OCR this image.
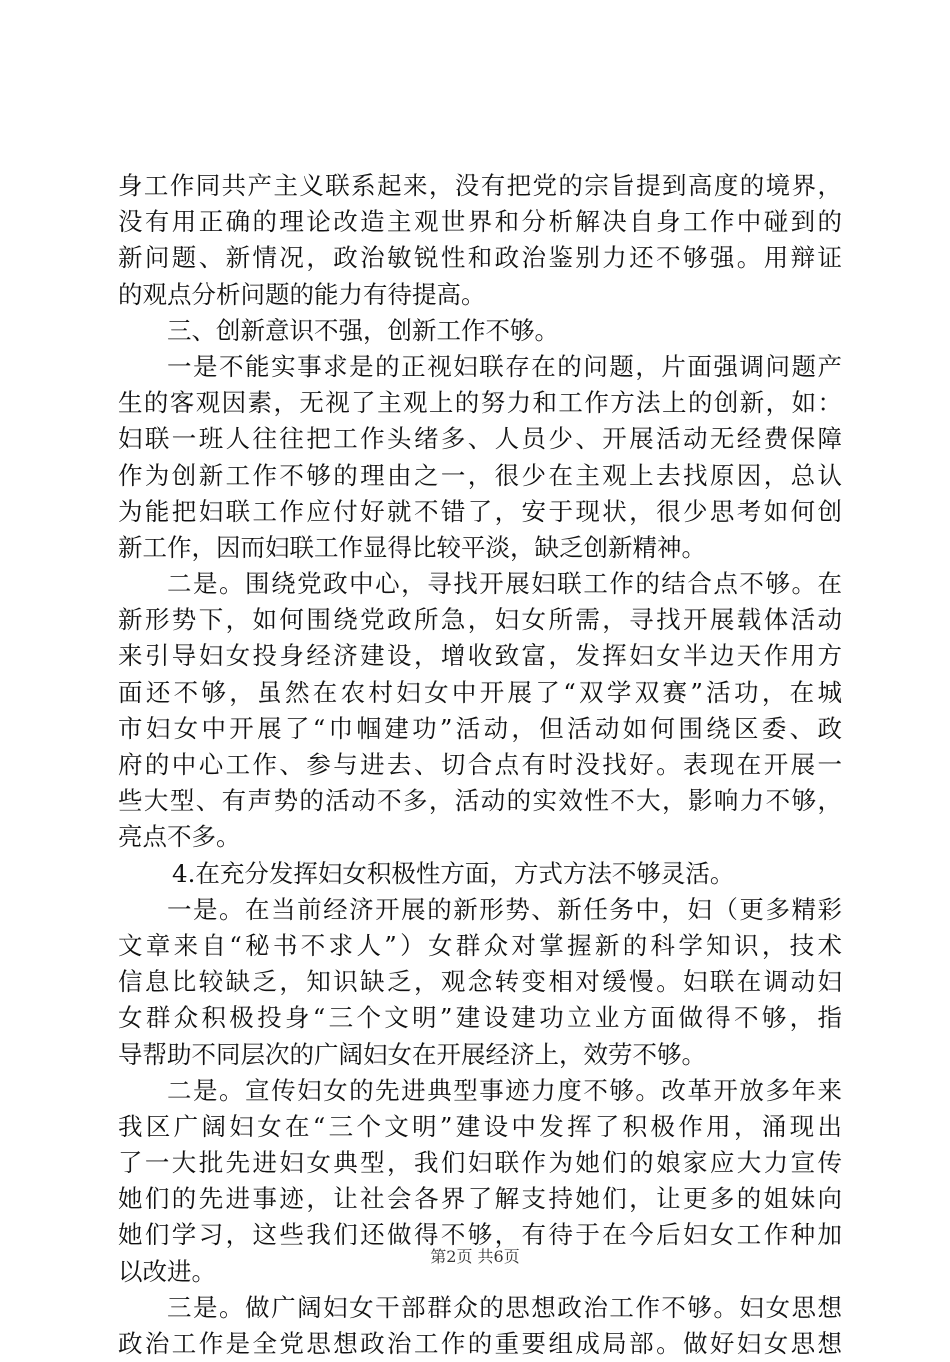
身工作同共产主义联系起来，没有把党的宗旨提到高度的境界，
没有用正确的理论改造主观世界和分析解决自身工作中碰到的
新问题、新情况，政治敏锐性和政治鉴别力还不够强。用辩证
的观点分析问题的能力有待提高。
三、创新意识不强，创新工作不够。
一是不能实事求是的正视妇联存在的问题，片面强调问题产
生的客观因素，无视了主观上的努力和工作方法上的创新，如：
妇联一班人往往把工作头绪多、人员少、开展活动无经费保障
作为创新工作不够的理由之一，很少在主观上去找原因，总认
为能把妇联工作应付好就不错了，安于现状，很少思考如何创
新工作，因而妇联工作显得比较平淡，缺乏创新精神。
二是。围绕党政中心，寻找开展妇联工作的结合点不够。在
新形势下，如何围绕党政所急，妇女所需，寻找开展载体活动
来引导妇女投身经济建设，增收致富，发挥妇女半边天作用方
面还不够，虽然在农村妇女中开展了“双学双赛”活功，在城
市妇女中开展了“巾帼建功”活动，但活动如何围绕区委、政
府的中心工作、参与进去、切合点有时没找好。表现在开展一
些大型、有声势的活动不多，活动的实效性不大，影响力不够，
亮点不多。
4.在充分发挥妇女积极性方面，方式方法不够灵活。
一是。在当前经济开展的新形势、新任务中，妇（更多精彩
文章来自“秘书不求人”）女群众对掌握新的科学知识，技术
信息比较缺乏，知识缺乏，观念转变相对缓慢。妇联在调动妇
女群众积极投身“三个文明”建设建功立业方面做得不够，指
导帮助不同层次的广阔妇女在开展经济上，效劳不够。
二是。宣传妇女的先进典型事迹力度不够。改革开放多年来
我区广阔妇女在“三个文明”建设中发挥了积极作用，涌现出
了一大批先进妇女典型，我们妇联作为她们的娘家应大力宣传
她们的先进事迹，让社会各界了解支持她们，让更多的姐妹向
她们学习，这些我们还做得不够，有待于在今后妇女工作种加
以改进。
三是。做广阔妇女干部群众的思想政治工作不够。妇女思想
政治工作是全党思想政治工作的重要组成局部。做好妇女思想
第2页 共6页
